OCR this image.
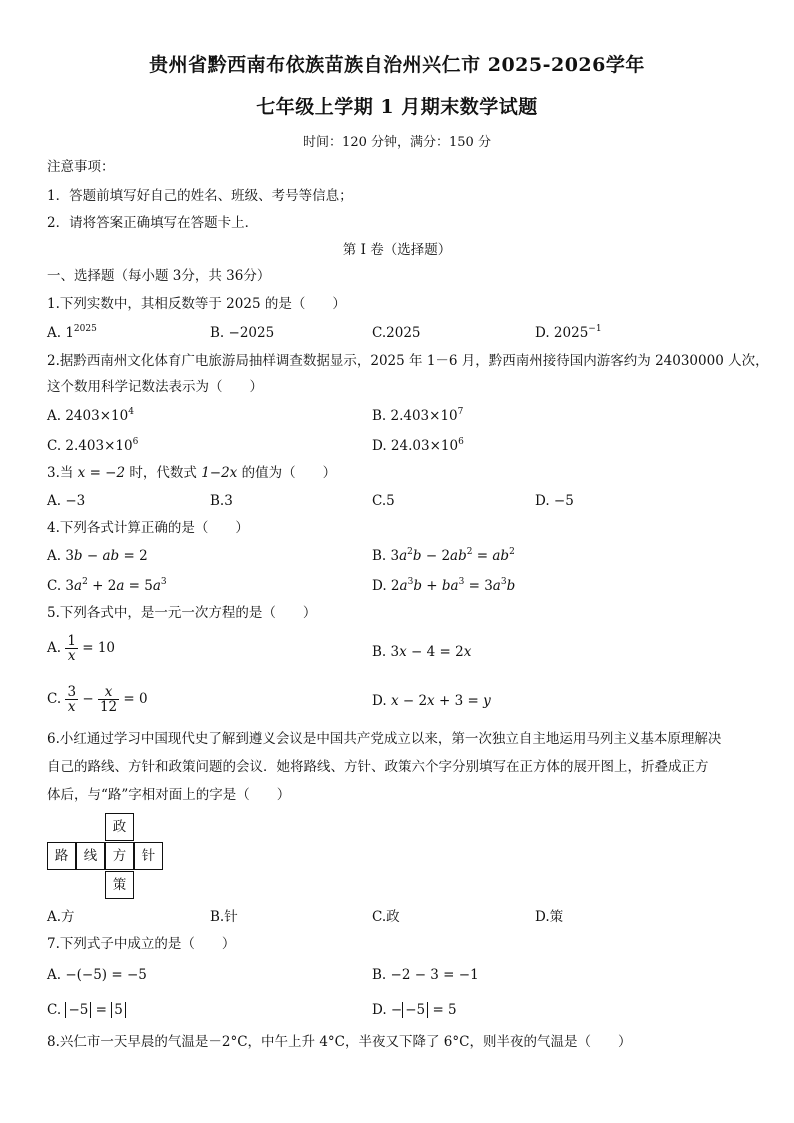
贵州省黔西南布依族苗族自治州兴仁市 2025-2026学年
七年级上学期 1 月期末数学试题
时间：120 分钟，满分：150 分
注意事项：
1．答题前填写好自己的姓名、班级、考号等信息；
2．请将答案正确填写在答题卡上．
第 I 卷（选择题）
一、选择题（每小题 3分，共 36分）
1.下列实数中，其相反数等于 2025 的是（　　）
A. $1^{2025}$	B. −2025	C.2025	D. $2025^{-1}$
2.据黔西南州文化体育广电旅游局抽样调查数据显示，2025 年 1－6 月，黔西南州接待国内游客约为 24030000 人次，
这个数用科学记数法表示为（　　）
A. $2403\times 10^4$	B. $2.403\times 10^7$
C. $2.403\times 10^6$	D. $24.03\times 10^6$
3.当 x = −2 时，代数式 1−2x 的值为（　　）
A. −3	B.3	C.5	D. −5
4.下列各式计算正确的是（　　）
A. 3b − ab = 2	B. $3a^2b - 2ab^2 = ab^2$
C. $3a^2 + 2a = 5a^3$	D. $2a^3b + ba^3 = 3a^3b$
5.下列各式中，是一元一次方程的是（　　）
A. $\frac{1}{x} = 10$	B. 3x − 4 = 2x
C. $\frac{3}{x} - \frac{x}{12} = 0$	D. x − 2x + 3 = y
6.小红通过学习中国现代史了解到遵义会议是中国共产党成立以来，第一次独立自主地运用马列主义基本原理解决
自己的路线、方针和政策问题的会议．她将路线、方针、政策六个字分别填写在正方体的展开图上，折叠成正方
体后，与“路”字相对面上的字是（　　）
政
路	线	方	针
策
A.方	B.针	C.政	D.策
7.下列式子中成立的是（　　）
A. −(−5) = −5	B. −2 − 3 = −1
C. −5 = 5	D. − −5 = 5
8.兴仁市一天早晨的气温是－2°C，中午上升 4°C，半夜又下降了 6°C，则半夜的气温是（　　）
